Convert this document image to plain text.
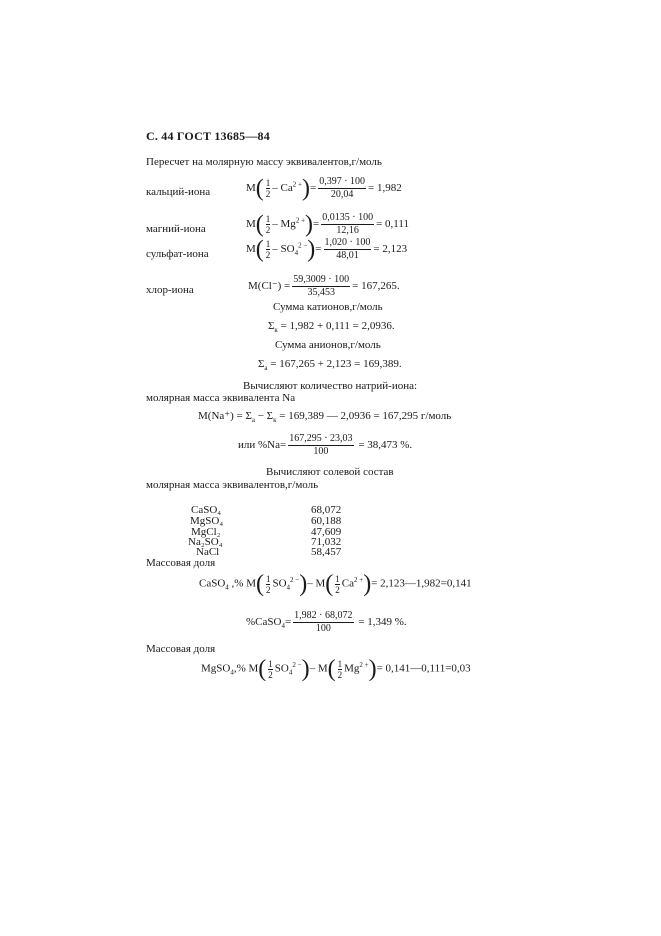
С. 44 ГОСТ 13685—84
Пересчет на молярную массу эквивалентов,г/моль
кальций-иона	$M( \frac{1}{2} - Ca^{2 +})= \frac{0,397 \cdot 100}{20,04} = 1,982$
магний-иона	$M( \frac{1}{2} - Mg^{2 +})= \frac{0,0135 \cdot 100}{12,16} = 0,111$
сульфат-иона	$M( \frac{1}{2} - SO_4^{2 -})= \frac{1,020 \cdot 100}{48,01} = 2,123$
хлор-иона	$M(Cl^-) = \frac{59,3009 \cdot 100}{35,453} = 167,265$.
Сумма катионов,г/моль
$\Sigma_к = 1,982 + 0,111 = 2,0936$.
Сумма анионов,г/моль
$\Sigma_а = 167,265 + 2,123 = 169,389$.
Вычисляют количество натрий-иона:
молярная масса эквивалента Na
$M(Na^+) = \Sigma_а - \Sigma_к = 169,389$ — 2,0936 = 167,295 г/моль
или $\%Na= \frac{167,295 \cdot 23,03}{100} = 38,473$ %.
Вычисляют солевой состав
молярная масса эквивалентов,г/моль
CaSO₄	68,072
MgSO₄	60,188
MgCl₂	47,609
Na₂SO₄	71,032
NaCl	58,457
Массовая доля
CaSO$_4$ ,% $M( \frac{1}{2} SO_4^{2 -})-$ $M( \frac{1}{2} Ca^{2 +})=$ 2,123—1,982=0,141
%CaSO$_4$= $\frac{1,982 \cdot 68,072}{100} = 1,349$ %.
Массовая доля
MgSO$_4$,% $M( \frac{1}{2} SO_4^{2 -})-$ $M( \frac{1}{2} Mg^{2 +})=$ 0,141—0,111=0,03
